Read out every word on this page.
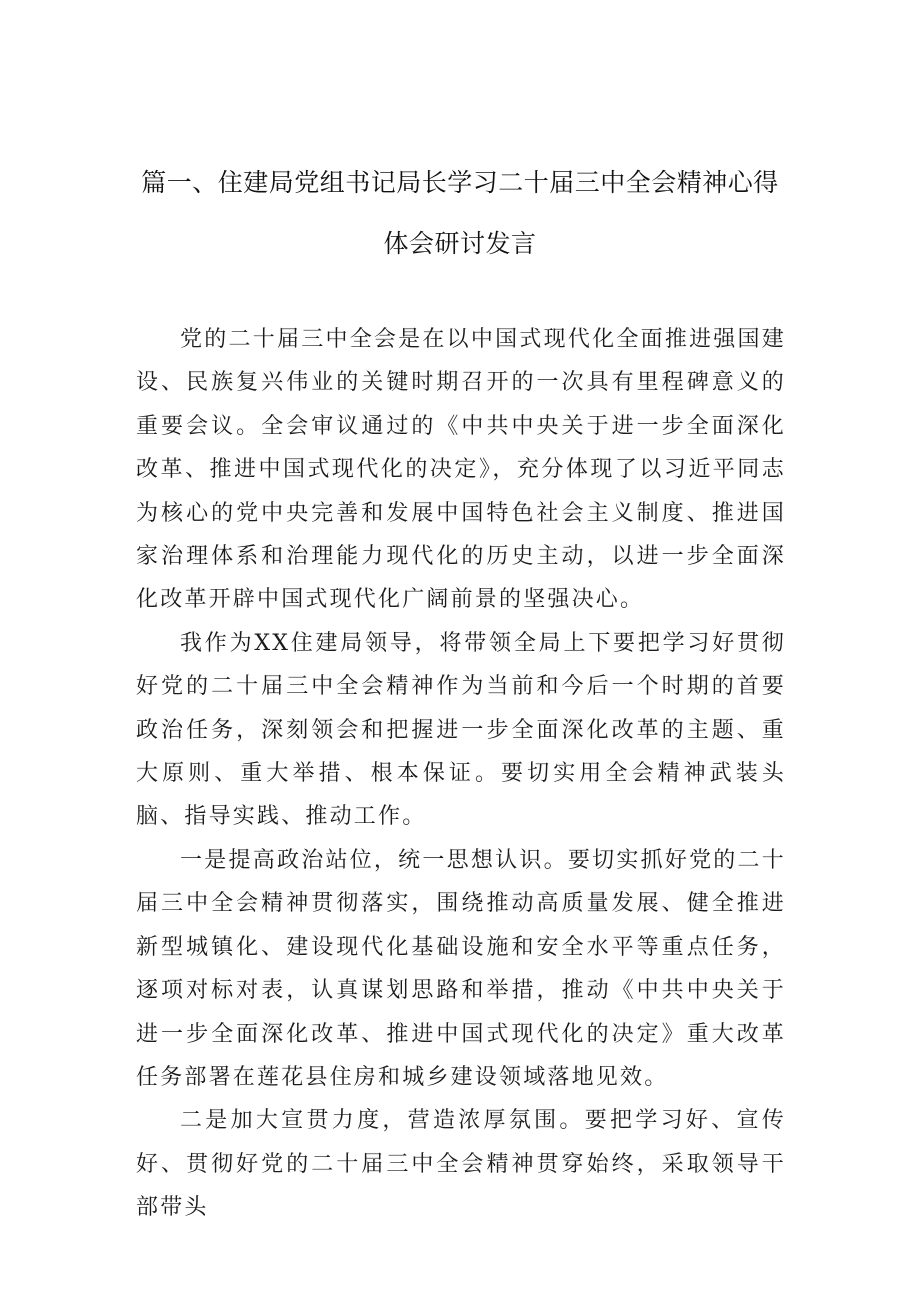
篇一、住建局党组书记局长学习二十届三中全会精神心得
体会研讨发言

党的二十届三中全会是在以中国式现代化全面推进强国建设、民族复兴伟业的关键时期召开的一次具有里程碑意义的重要会议。全会审议通过的《中共中央关于进一步全面深化改革、推进中国式现代化的决定》，充分体现了以习近平同志为核心的党中央完善和发展中国特色社会主义制度、推进国家治理体系和治理能力现代化的历史主动，以进一步全面深化改革开辟中国式现代化广阔前景的坚强决心。

我作为XX住建局领导，将带领全局上下要把学习好贯彻好党的二十届三中全会精神作为当前和今后一个时期的首要政治任务，深刻领会和把握进一步全面深化改革的主题、重大原则、重大举措、根本保证。要切实用全会精神武装头脑、指导实践、推动工作。

一是提高政治站位，统一思想认识。要切实抓好党的二十届三中全会精神贯彻落实，围绕推动高质量发展、健全推进新型城镇化、建设现代化基础设施和安全水平等重点任务，逐项对标对表，认真谋划思路和举措，推动《中共中央关于进一步全面深化改革、推进中国式现代化的决定》重大改革任务部署在莲花县住房和城乡建设领域落地见效。

二是加大宣贯力度，营造浓厚氛围。要把学习好、宣传好、贯彻好党的二十届三中全会精神贯穿始终，采取领导干部带头
